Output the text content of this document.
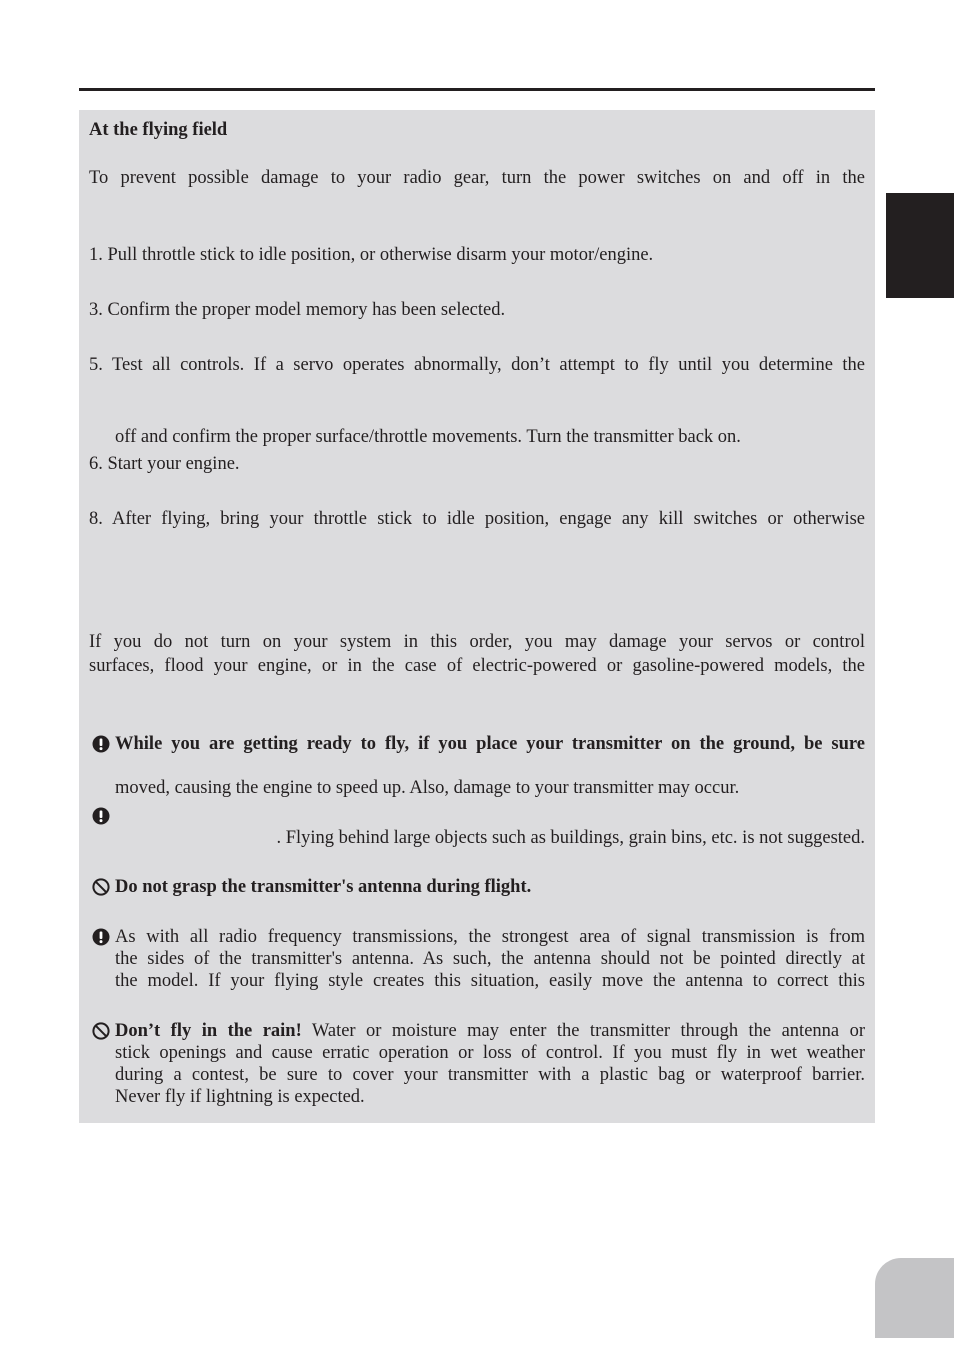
At the flying field
To prevent possible damage to your radio gear, turn the power switches on and off in the
1. Pull throttle stick to idle position, or otherwise disarm your motor/engine.
3. Confirm the proper model memory has been selected.
5. Test all controls. If a servo operates abnormally, don’t attempt to fly until you determine the
off and confirm the proper surface/throttle movements. Turn the transmitter back on.
6. Start your engine.
8. After flying, bring your throttle stick to idle position, engage any kill switches or otherwise
If you do not turn on your system in this order, you may damage your servos or control
surfaces, flood your engine, or in the case of electric-powered or gasoline-powered models, the
While you are getting ready to fly, if you place your transmitter on the ground, be sure
moved, causing the engine to speed up. Also, damage to your transmitter may occur.
. Flying behind large objects such as buildings, grain bins, etc. is not suggested.
Do not grasp the transmitter's antenna during flight.
As with all radio frequency transmissions, the strongest area of signal transmission is from
the sides of the transmitter's antenna. As such, the antenna should not be pointed directly at
the model. If your flying style creates this situation, easily move the antenna to correct this
Don’t fly in the rain! Water or moisture may enter the transmitter through the antenna or
stick openings and cause erratic operation or loss of control. If you must fly in wet weather
during a contest, be sure to cover your transmitter with a plastic bag or waterproof barrier.
Never fly if lightning is expected.
